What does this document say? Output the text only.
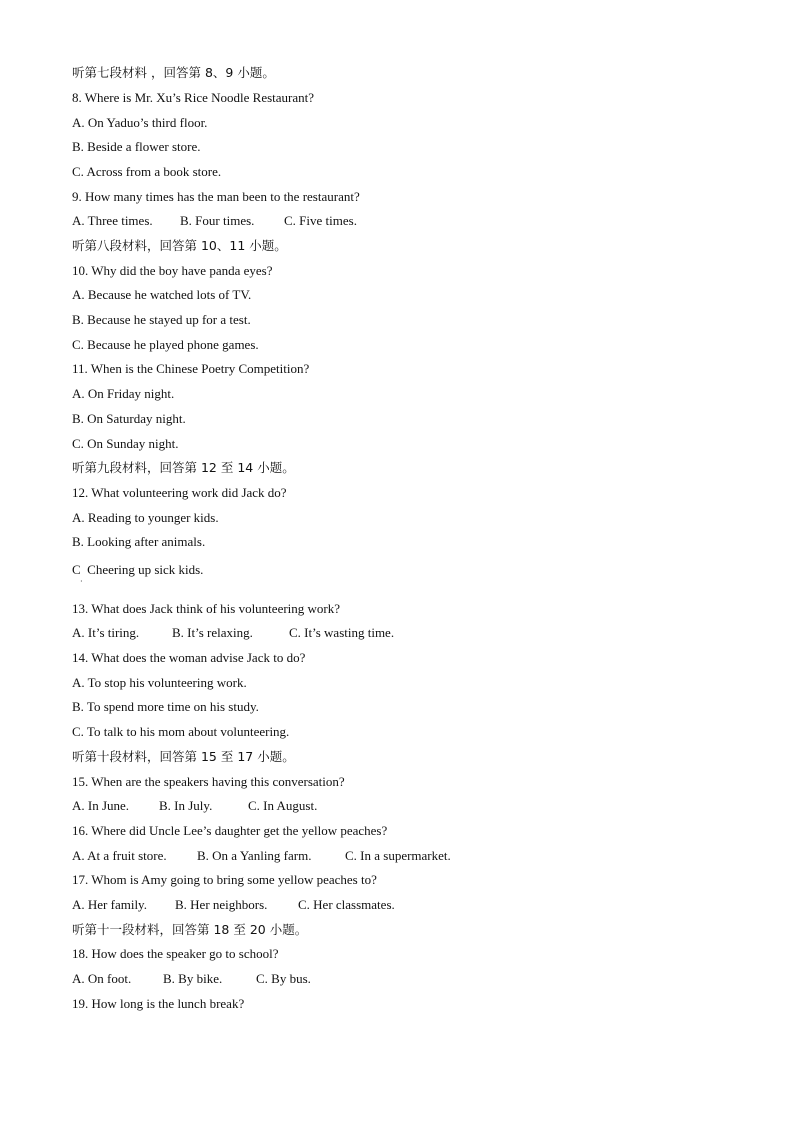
听第七段材料 ，回答第 8、9 小题。
8. Where is Mr. Xu’s Rice Noodle Restaurant?
A. On Yaduo’s third floor.
B. Beside a flower store.
C. Across from a book store.
9. How many times has the man been to the restaurant?
A. Three times. B. Four times. C. Five times.
听第八段材料，回答第 10、11 小题。
10. Why did the boy have panda eyes?
A. Because he watched lots of TV.
B. Because he stayed up for a test.
C. Because he played phone games.
11. When is the Chinese Poetry Competition?
A. On Friday night.
B. On Saturday night.
C. On Sunday night.
听第九段材料，回答第 12 至 14 小题。
12. What volunteering work did Jack do?
A. Reading to younger kids.
B. Looking after animals.
C  Cheering up sick kids.
·
13. What does Jack think of his volunteering work?
A. It’s tiring.	B. It’s relaxing.	C. It’s wasting time.
14. What does the woman advise Jack to do?
A. To stop his volunteering work.
B. To spend more time on his study.
C. To talk to his mom about volunteering.
听第十段材料，回答第 15 至 17 小题。
15. When are the speakers having this conversation?
A. In June. B. In July.	C. In August.
16. Where did Uncle Lee’s daughter get the yellow peaches?
A. At a fruit store. B. On a Yanling farm.	C. In a supermarket.
17. Whom is Amy going to bring some yellow peaches to?
A. Her family. B. Her neighbors. C. Her classmates.
听第十一段材料，回答第 18 至 20 小题。
18. How does the speaker go to school?
A. On foot. B. By bike.	C. By bus.
19. How long is the lunch break?
